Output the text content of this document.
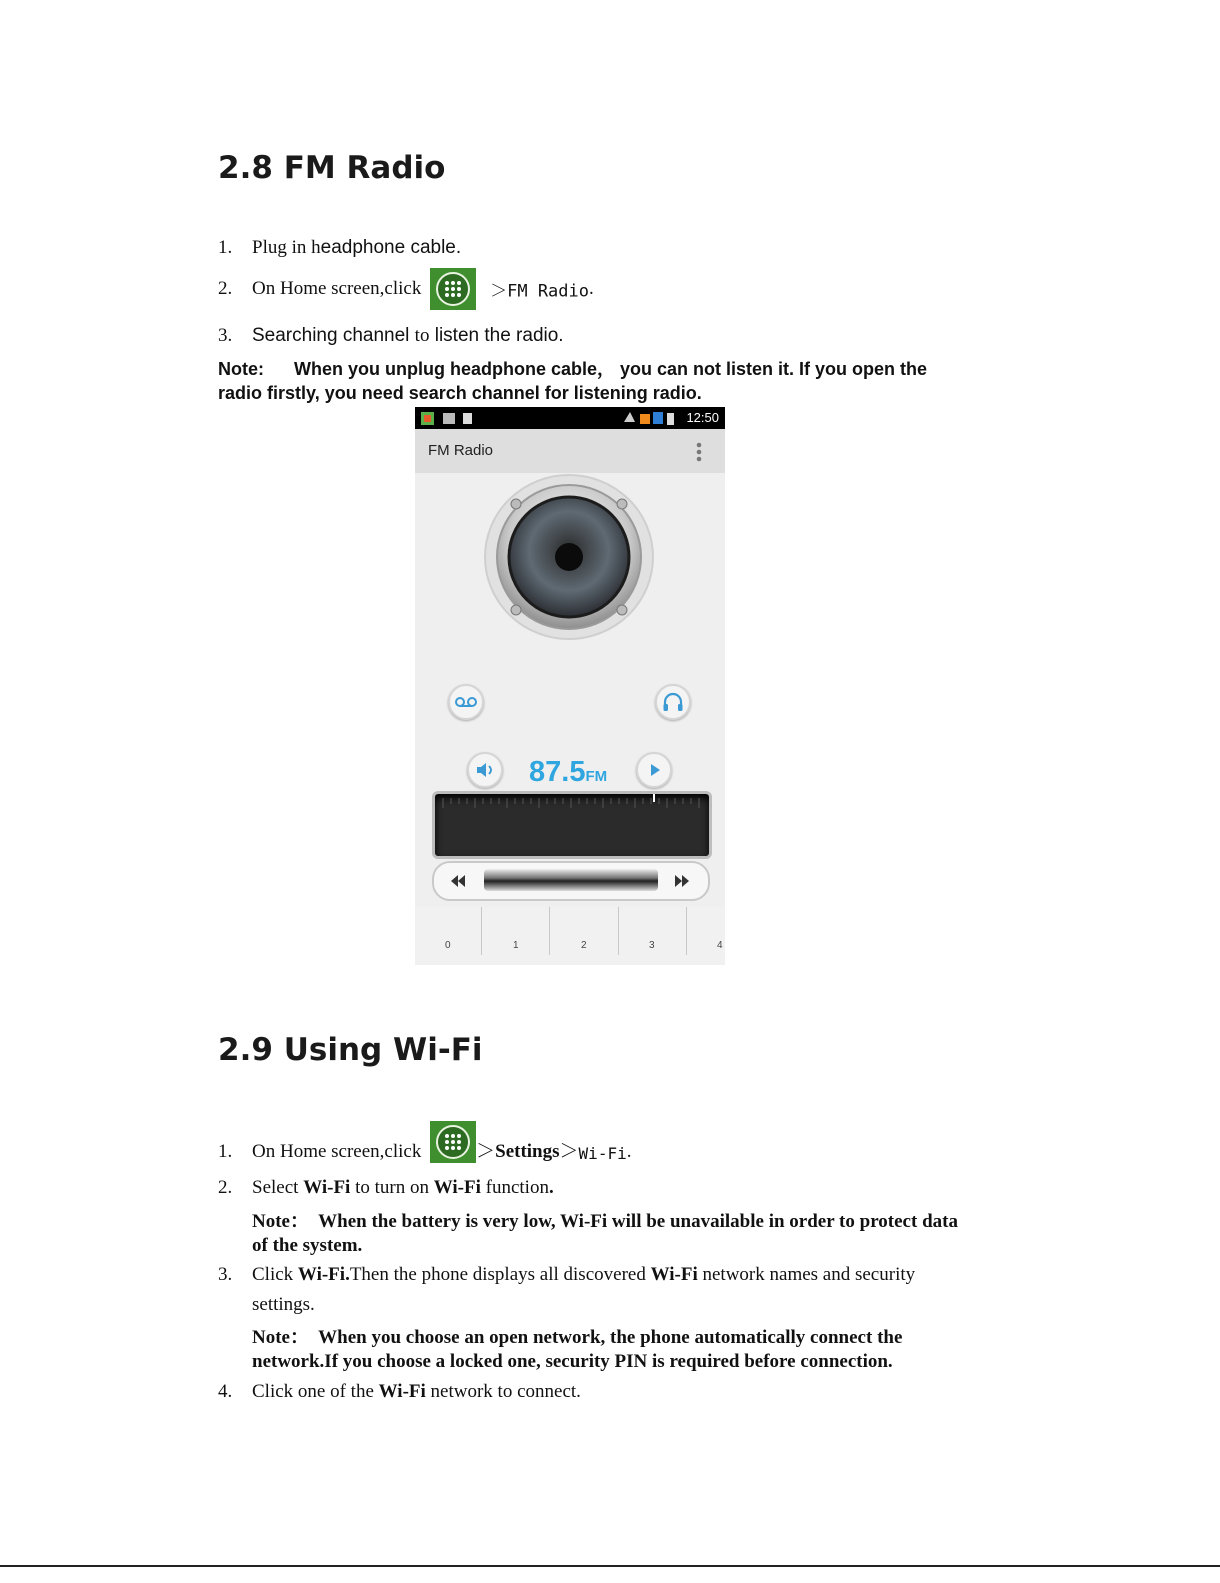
2.8 FM Radio
1. Plug in headphone cable.
2. On Home screen,click	＞FM Radio.
3. Searching channel to listen the radio.
Note:      When you unplug headphone cable， you can not listen it. If you open the
radio firstly, you need search channel for listening radio.
12:50
FM Radio
87.5FM
0	1	2	3	4
2.9 Using Wi-Fi
1. On Home screen,click	＞Settings＞Wi-Fi.
2. Select Wi-Fi to turn on Wi-Fi function.
Note：  When the battery is very low, Wi-Fi will be unavailable in order to protect data
of the system.
3. Click Wi-Fi.Then the phone displays all discovered Wi-Fi network names and security
settings.
Note：  When you choose an open network, the phone automatically connect the
network.If you choose a locked one, security PIN is required before connection.
4. Click one of the Wi-Fi network to connect.
